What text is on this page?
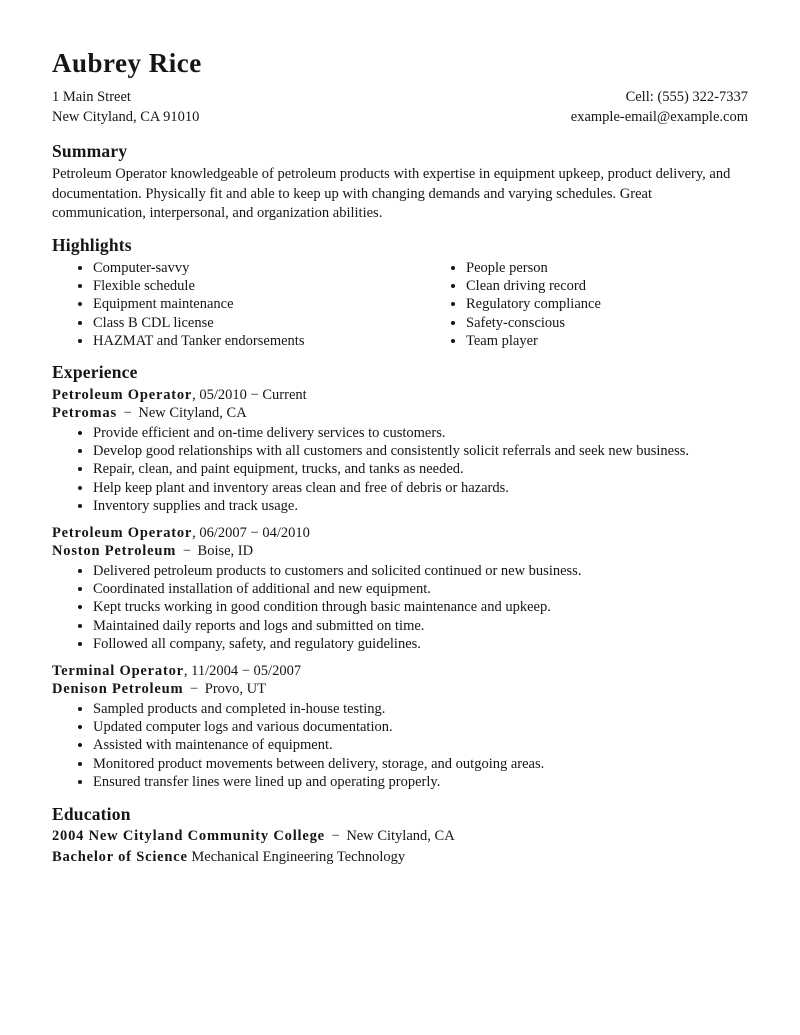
Aubrey Rice
1 Main Street
New Cityland, CA 91010
Cell: (555) 322-7337
example-email@example.com
Summary
Petroleum Operator knowledgeable of petroleum products with expertise in equipment upkeep, product delivery, and documentation. Physically fit and able to keep up with changing demands and varying schedules. Great communication, interpersonal, and organization abilities.
Highlights
• Computer-savvy
• Flexible schedule
• Equipment maintenance
• Class B CDL license
• HAZMAT and Tanker endorsements
• People person
• Clean driving record
• Regulatory compliance
• Safety-conscious
• Team player
Experience
Petroleum Operator, 05/2010 − Current
Petromas − New Cityland, CA
• Provide efficient and on-time delivery services to customers.
• Develop good relationships with all customers and consistently solicit referrals and seek new business.
• Repair, clean, and paint equipment, trucks, and tanks as needed.
• Help keep plant and inventory areas clean and free of debris or hazards.
• Inventory supplies and track usage.
Petroleum Operator, 06/2007 − 04/2010
Noston Petroleum − Boise, ID
• Delivered petroleum products to customers and solicited continued or new business.
• Coordinated installation of additional and new equipment.
• Kept trucks working in good condition through basic maintenance and upkeep.
• Maintained daily reports and logs and submitted on time.
• Followed all company, safety, and regulatory guidelines.
Terminal Operator, 11/2004 − 05/2007
Denison Petroleum − Provo, UT
• Sampled products and completed in-house testing.
• Updated computer logs and various documentation.
• Assisted with maintenance of equipment.
• Monitored product movements between delivery, storage, and outgoing areas.
• Ensured transfer lines were lined up and operating properly.
Education
2004 New Cityland Community College − New Cityland, CA
Bachelor of Science Mechanical Engineering Technology
